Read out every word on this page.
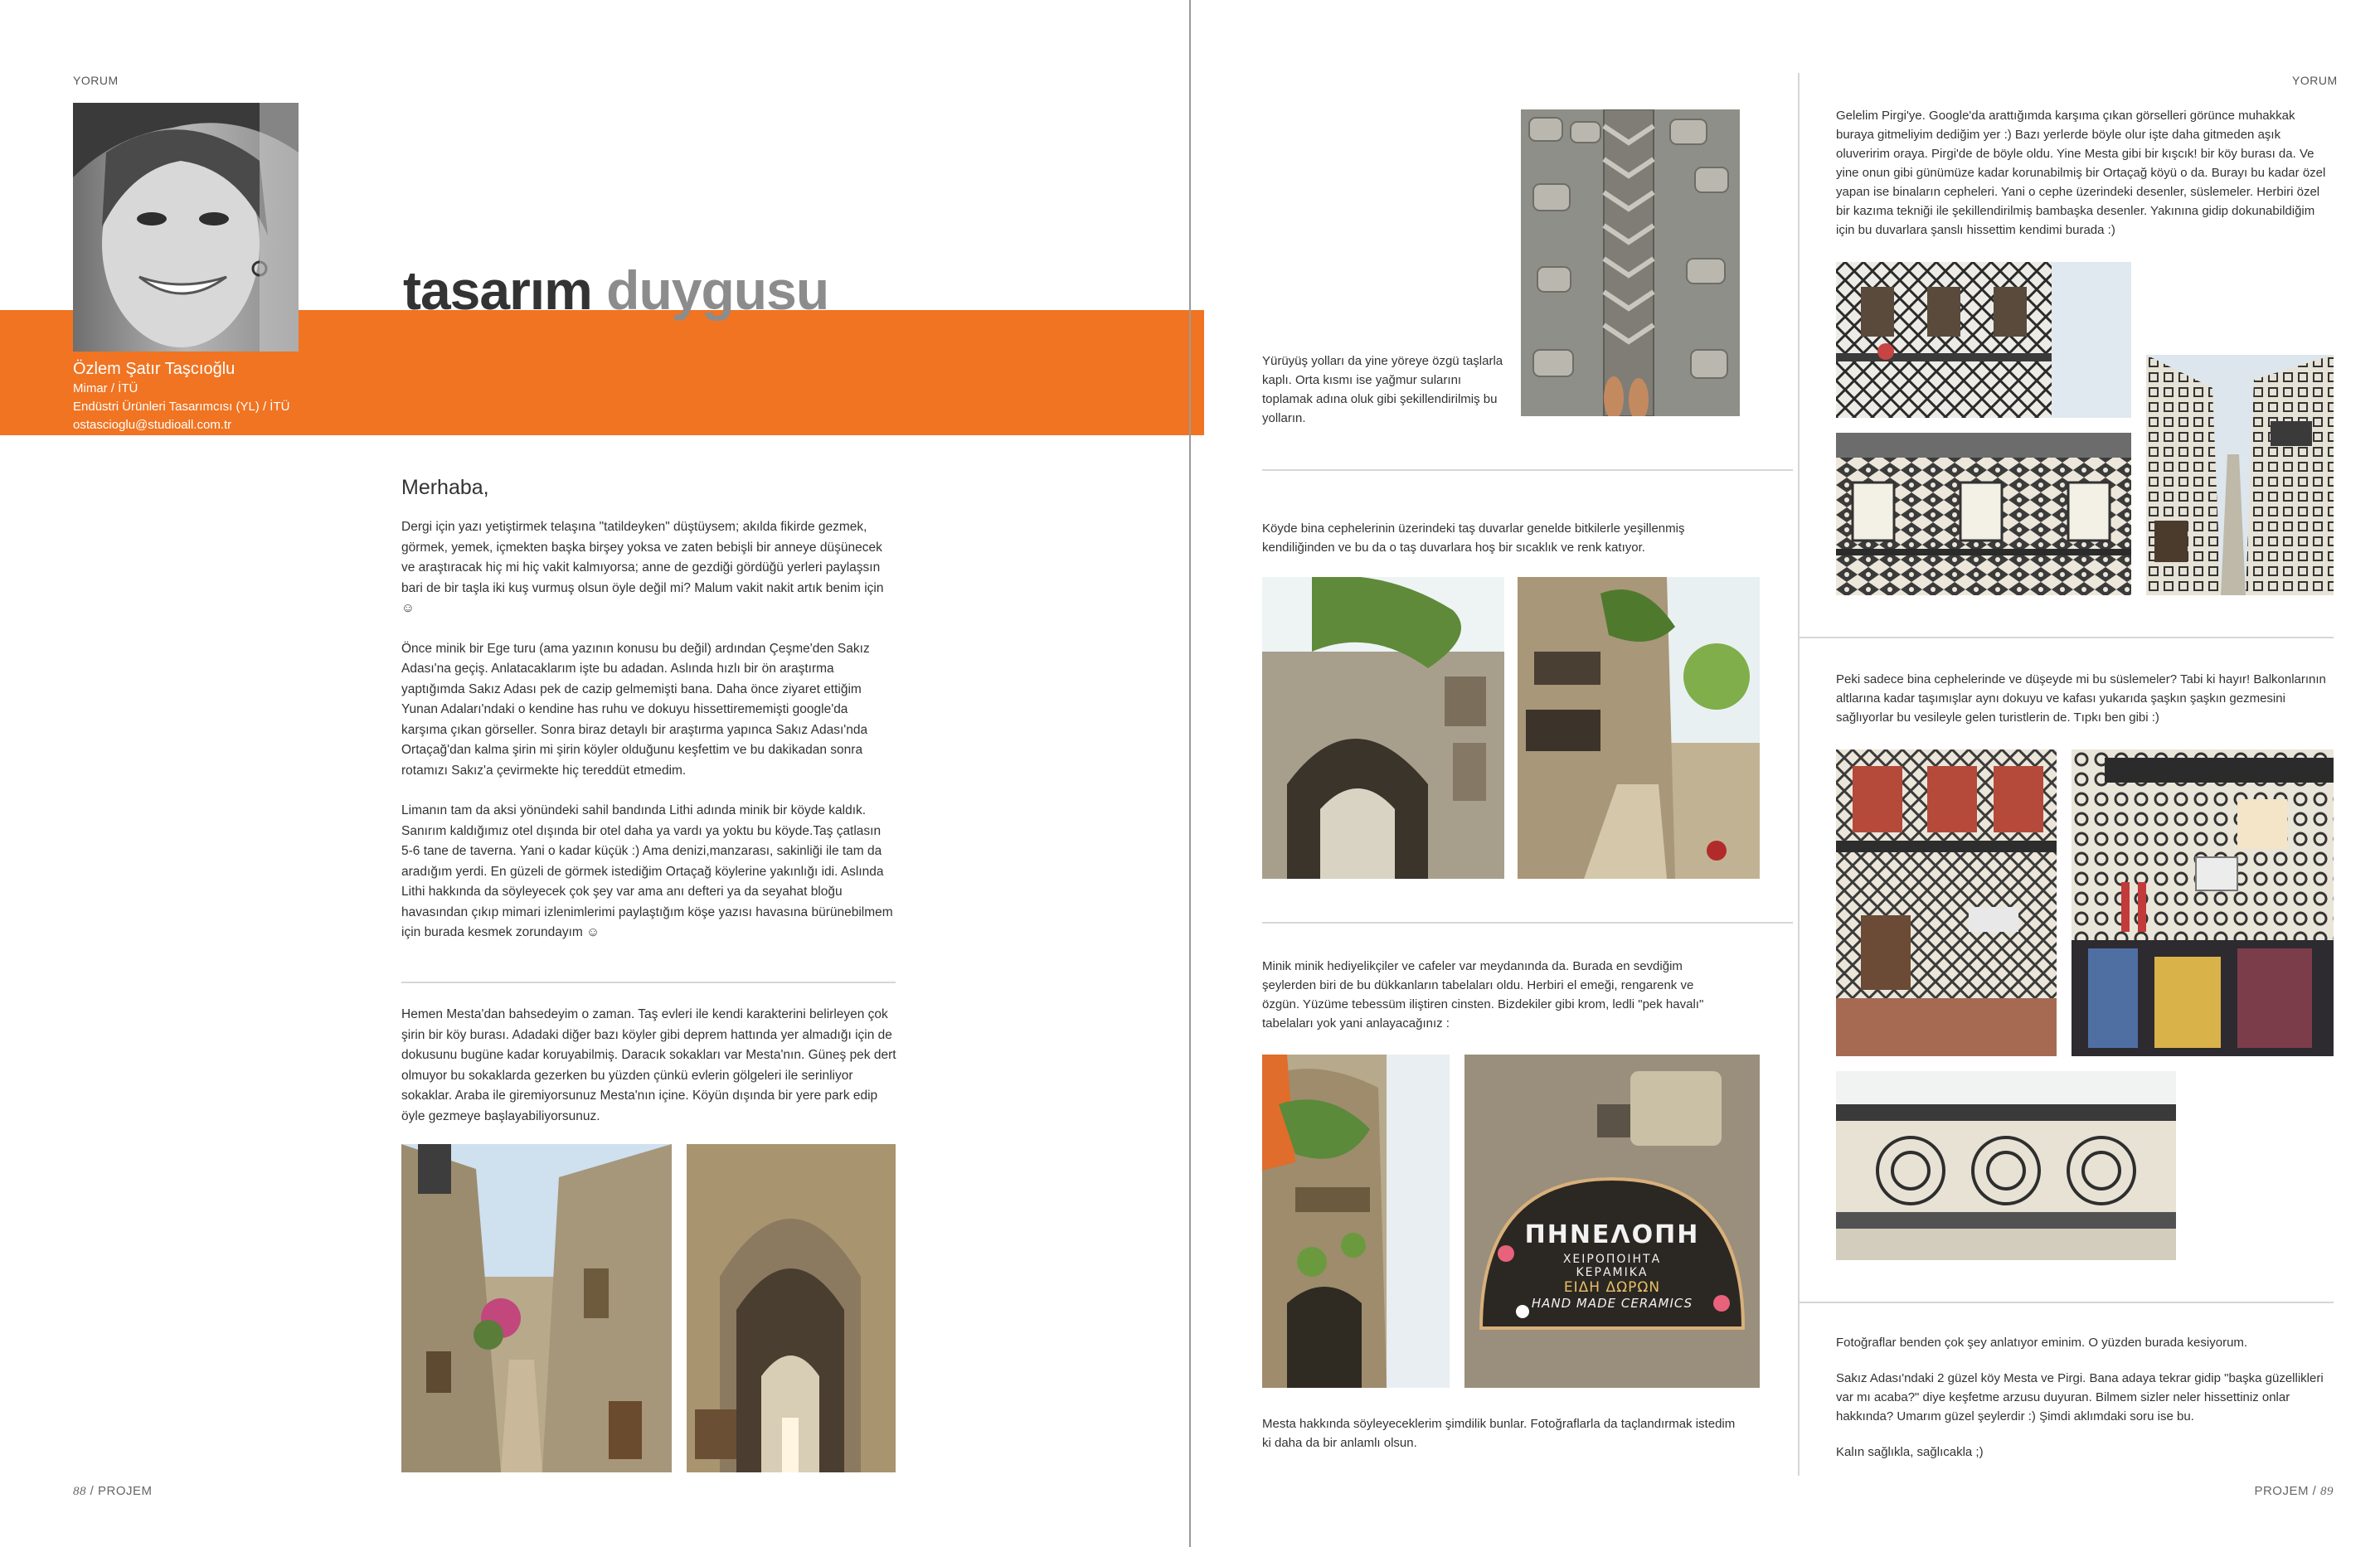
YORUM
tasarım duygusu
Özlem Şatır Taşcıoğlu
Mimar / İTÜ
Endüstri Ürünleri Tasarımcısı (YL) / İTÜ
ostascioglu@studioall.com.tr
Merhaba,

Dergi için yazı yetiştirmek telaşına "tatildeyken" düştüysem; akılda fikirde gezmek, görmek, yemek, içmekten başka birşey yoksa ve zaten bebişli bir anneye düşünecek ve araştıracak hiç mi hiç vakit kalmıyorsa; anne de gezdiği gördüğü yerleri paylaşsın bari de bir taşla iki kuş vurmuş olsun öyle değil mi? Malum vakit nakit artık benim için ☺

Önce minik bir Ege turu (ama yazının konusu bu değil) ardından Çeşme'den Sakız Adası'na geçiş. Anlatacaklarım işte bu adadan. Aslında hızlı bir ön araştırma yaptığımda Sakız Adası pek de cazip gelmemişti bana. Daha önce ziyaret ettiğim Yunan Adaları'ndaki o kendine has ruhu ve dokuyu hissettirememişti google'da karşıma çıkan görseller. Sonra biraz detaylı bir araştırma yapınca Sakız Adası'nda Ortaçağ'dan kalma şirin mi şirin köyler olduğunu keşfettim ve bu dakikadan sonra rotamızı Sakız'a çevirmekte hiç tereddüt etmedim.

Limanın tam da aksi yönündeki sahil bandında Lithi adında minik bir köyde kaldık. Sanırım kaldığımız otel dışında bir otel daha ya vardı ya yoktu bu köyde.Taş çatlasın 5-6 tane de taverna. Yani o kadar küçük :) Ama denizi,manzarası, sakinliği ile tam da aradığım yerdi. En güzeli de görmek istediğim Ortaçağ köylerine yakınlığı idi. Aslında Lithi hakkında da söyleyecek çok şey var ama anı defteri ya da seyahat bloğu havasından çıkıp mimari izlenimlerimi paylaştığım köşe yazısı havasına bürünebilmem için burada kesmek zorundayım ☺

Hemen Mesta'dan bahsedeyim o zaman. Taş evleri ile kendi karakterini belirleyen çok şirin bir köy burası. Adadaki diğer bazı köyler gibi deprem hattında yer almadığı için de dokusunu bugüne kadar koruyabilmiş. Daracık sokakları var Mesta'nın. Güneş pek dert olmuyor bu sokaklarda gezerken bu yüzden çünkü evlerin gölgeleri ile serinliyor sokaklar. Araba ile giremiyorsunuz Mesta'nın içine. Köyün dışında bir yere park edip öyle gezmeye başlayabiliyorsunuz.
88 / PROJEM
Yürüyüş yolları da yine yöreye özgü taşlarla kaplı. Orta kısmı ise yağmur sularını toplamak adına oluk gibi şekillendirilmiş bu yolların.
Köyde bina cephelerinin üzerindeki taş duvarlar genelde bitkilerle yeşillenmiş kendiliğinden ve bu da o taş duvarlara hoş bir sıcaklık ve renk katıyor.
Minik minik hediyelikçiler ve cafeler var meydanında da. Burada en sevdiğim şeylerden biri de bu dükkanların tabelaları oldu. Herbiri el emeği, rengarenk ve özgün. Yüzüme tebessüm iliştiren cinsten. Bizdekiler gibi krom, ledli "pek havalı" tabelaları yok yani anlayacağınız :
ΠΗΝΕΛΟΠΗ
ΧΕΙΡΟΠΟΙΗΤΑ
ΚΕΡΑΜΙΚΑ
ΕΙΔΗ ΔΩΡΩΝ
HAND MADE CERAMICS
Mesta hakkında söyleyeceklerim şimdilik bunlar. Fotoğraflarla da taçlandırmak istedim ki daha da bir anlamlı olsun.
YORUM
Gelelim Pirgi'ye. Google'da arattığımda karşıma çıkan görselleri görünce muhakkak buraya gitmeliyim dediğim yer :) Bazı yerlerde böyle olur işte daha gitmeden aşık oluveririm oraya. Pirgi'de de böyle oldu. Yine Mesta gibi bir kışcık! bir köy burası da. Ve yine onun gibi günümüze kadar korunabilmiş bir Ortaçağ köyü o da. Burayı bu kadar özel yapan ise binaların cepheleri. Yani o cephe üzerindeki desenler, süslemeler. Herbiri özel bir kazıma tekniği ile şekillendirilmiş bambaşka desenler. Yakınına gidip dokunabildiğim için bu duvarlara şanslı hissettim kendimi burada :)
Peki sadece bina cephelerinde ve düşeyde mi bu süslemeler? Tabi ki hayır! Balkonlarının altlarına kadar taşımışlar aynı dokuyu ve kafası yukarıda şaşkın şaşkın gezmesini sağlıyorlar bu vesileyle gelen turistlerin de. Tıpkı ben gibi :)

Fotoğraflar benden çok şey anlatıyor eminim. O yüzden burada kesiyorum.

Sakız Adası'ndaki 2 güzel köy Mesta ve Pirgi. Bana adaya tekrar gidip "başka güzellikleri var mı acaba?" diye keşfetme arzusu duyuran. Bilmem sizler neler hissettiniz onlar hakkında? Umarım güzel şeylerdir :) Şimdi aklımdaki soru ise bu.

Kalın sağlıkla, sağlıcakla ;)

PROJEM / 89
